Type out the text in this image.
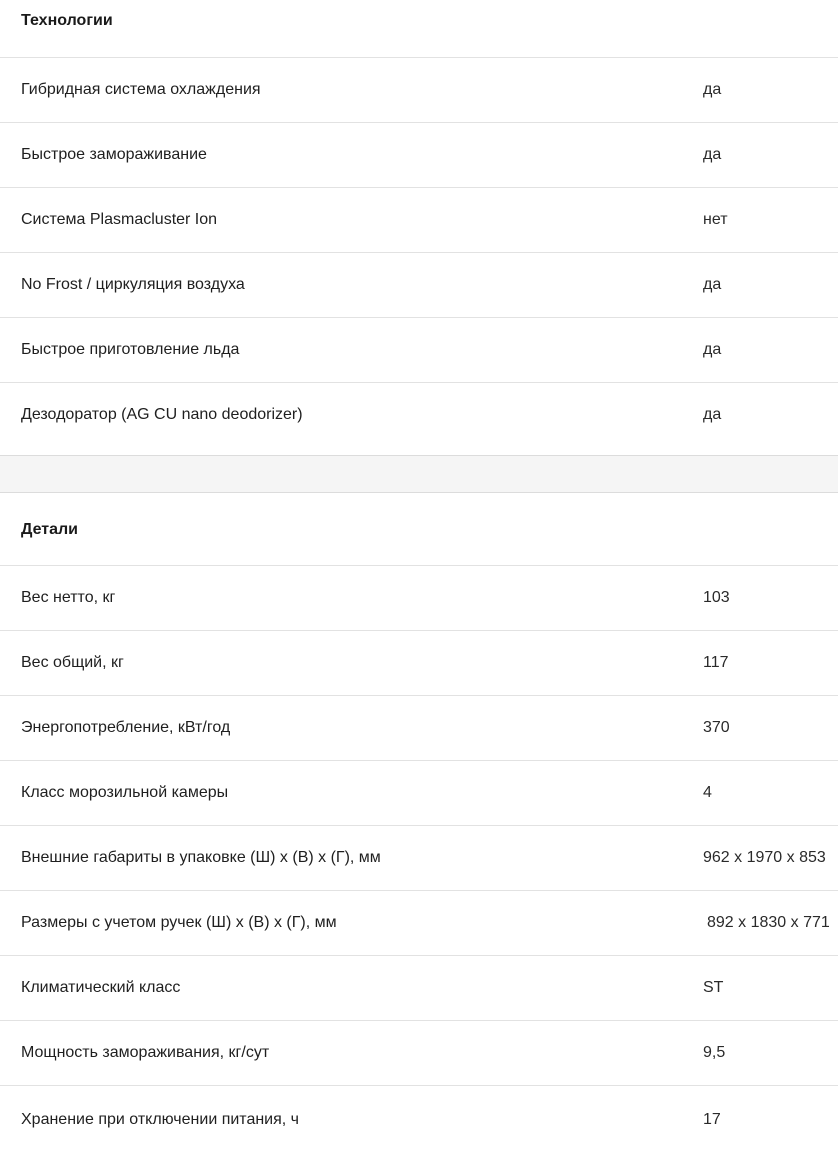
Технологии
Гибридная система охлаждения	да
Быстрое замораживание	да
Система Plasmacluster Ion	нет
No Frost / циркуляция воздуха	да
Быстрое приготовление льда	да
Дезодоратор (AG CU nano deodorizer)	да
Детали
Вес нетто, кг	103
Вес общий, кг	117
Энергопотребление, кВт/год	370
Класс морозильной камеры	4
Внешние габариты в упаковке (Ш) х (В) х (Г), мм	962 х 1970 х 853
Размеры с учетом ручек (Ш) х (В) х (Г), мм	892 х 1830 х 771
Климатический класс	ST
Мощность замораживания, кг/сут	9,5
Хранение при отключении питания, ч	17
